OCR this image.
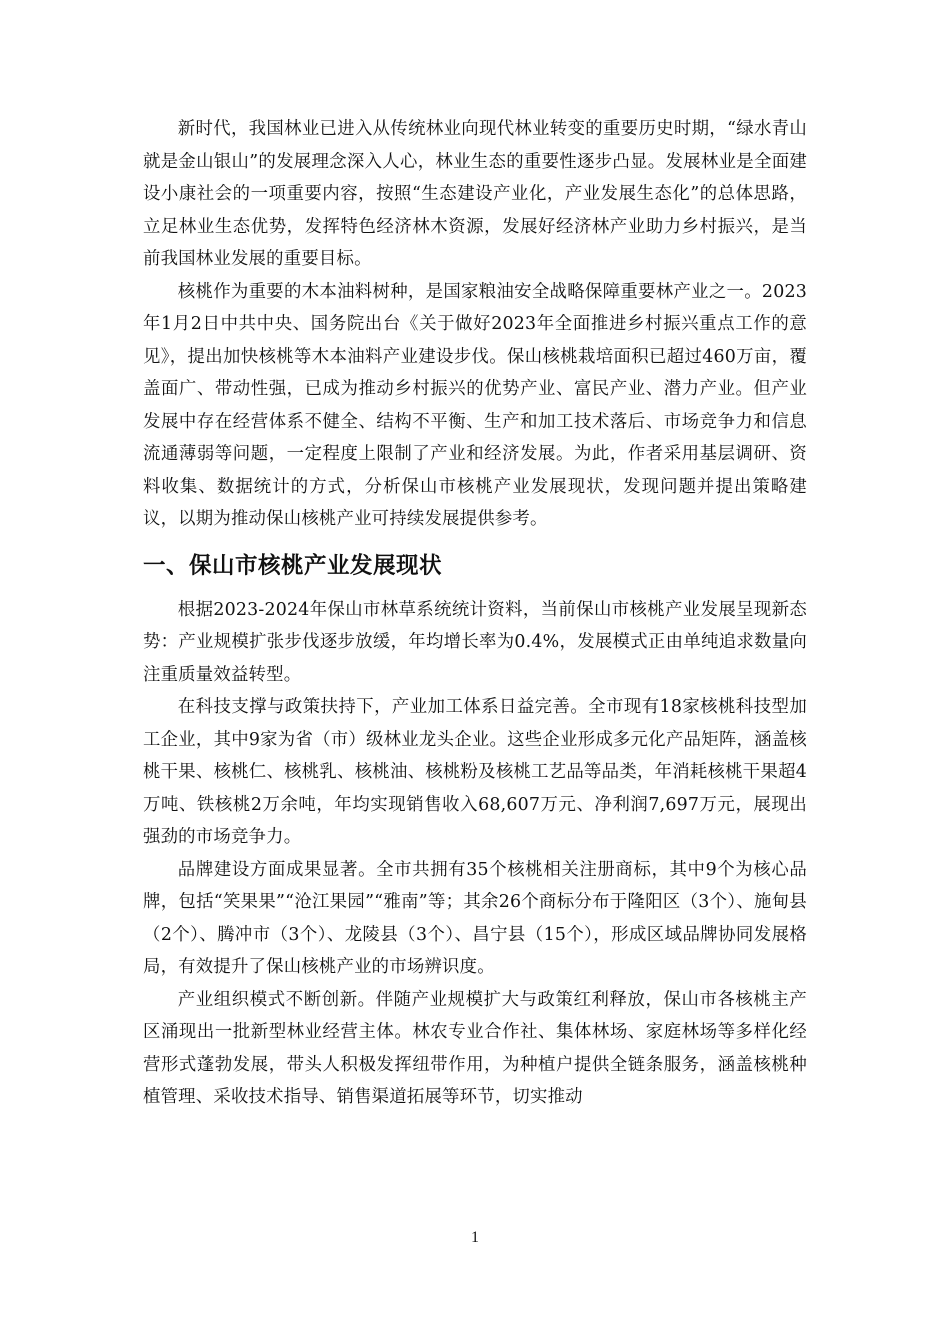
新时代，我国林业已进入从传统林业向现代林业转变的重要历史时期，“绿水青山就是金山银山”的发展理念深入人心，林业生态的重要性逐步凸显。发展林业是全面建设小康社会的一项重要内容，按照“生态建设产业化，产业发展生态化”的总体思路，立足林业生态优势，发挥特色经济林木资源，发展好经济林产业助力乡村振兴，是当前我国林业发展的重要目标。

核桃作为重要的木本油料树种，是国家粮油安全战略保障重要林产业之一。2023年1月2日中共中央、国务院出台《关于做好2023年全面推进乡村振兴重点工作的意见》，提出加快核桃等木本油料产业建设步伐。保山核桃栽培面积已超过460万亩，覆盖面广、带动性强，已成为推动乡村振兴的优势产业、富民产业、潜力产业。但产业发展中存在经营体系不健全、结构不平衡、生产和加工技术落后、市场竞争力和信息流通薄弱等问题，一定程度上限制了产业和经济发展。为此，作者采用基层调研、资料收集、数据统计的方式，分析保山市核桃产业发展现状，发现问题并提出策略建议，以期为推动保山核桃产业可持续发展提供参考。

一、保山市核桃产业发展现状

根据2023-2024年保山市林草系统统计资料，当前保山市核桃产业发展呈现新态势：产业规模扩张步伐逐步放缓，年均增长率为0.4%，发展模式正由单纯追求数量向注重质量效益转型。

在科技支撑与政策扶持下，产业加工体系日益完善。全市现有18家核桃科技型加工企业，其中9家为省（市）级林业龙头企业。这些企业形成多元化产品矩阵，涵盖核桃干果、核桃仁、核桃乳、核桃油、核桃粉及核桃工艺品等品类，年消耗核桃干果超4万吨、铁核桃2万余吨，年均实现销售收入68,607万元、净利润7,697万元，展现出强劲的市场竞争力。

品牌建设方面成果显著。全市共拥有35个核桃相关注册商标，其中9个为核心品牌，包括“笑果果”“沧江果园”“雅南”等；其余26个商标分布于隆阳区（3个）、施甸县（2个）、腾冲市（3个）、龙陵县（3个）、昌宁县（15个），形成区域品牌协同发展格局，有效提升了保山核桃产业的市场辨识度。

产业组织模式不断创新。伴随产业规模扩大与政策红利释放，保山市各核桃主产区涌现出一批新型林业经营主体。林农专业合作社、集体林场、家庭林场等多样化经营形式蓬勃发展，带头人积极发挥纽带作用，为种植户提供全链条服务，涵盖核桃种植管理、采收技术指导、销售渠道拓展等环节，切实推动

1
